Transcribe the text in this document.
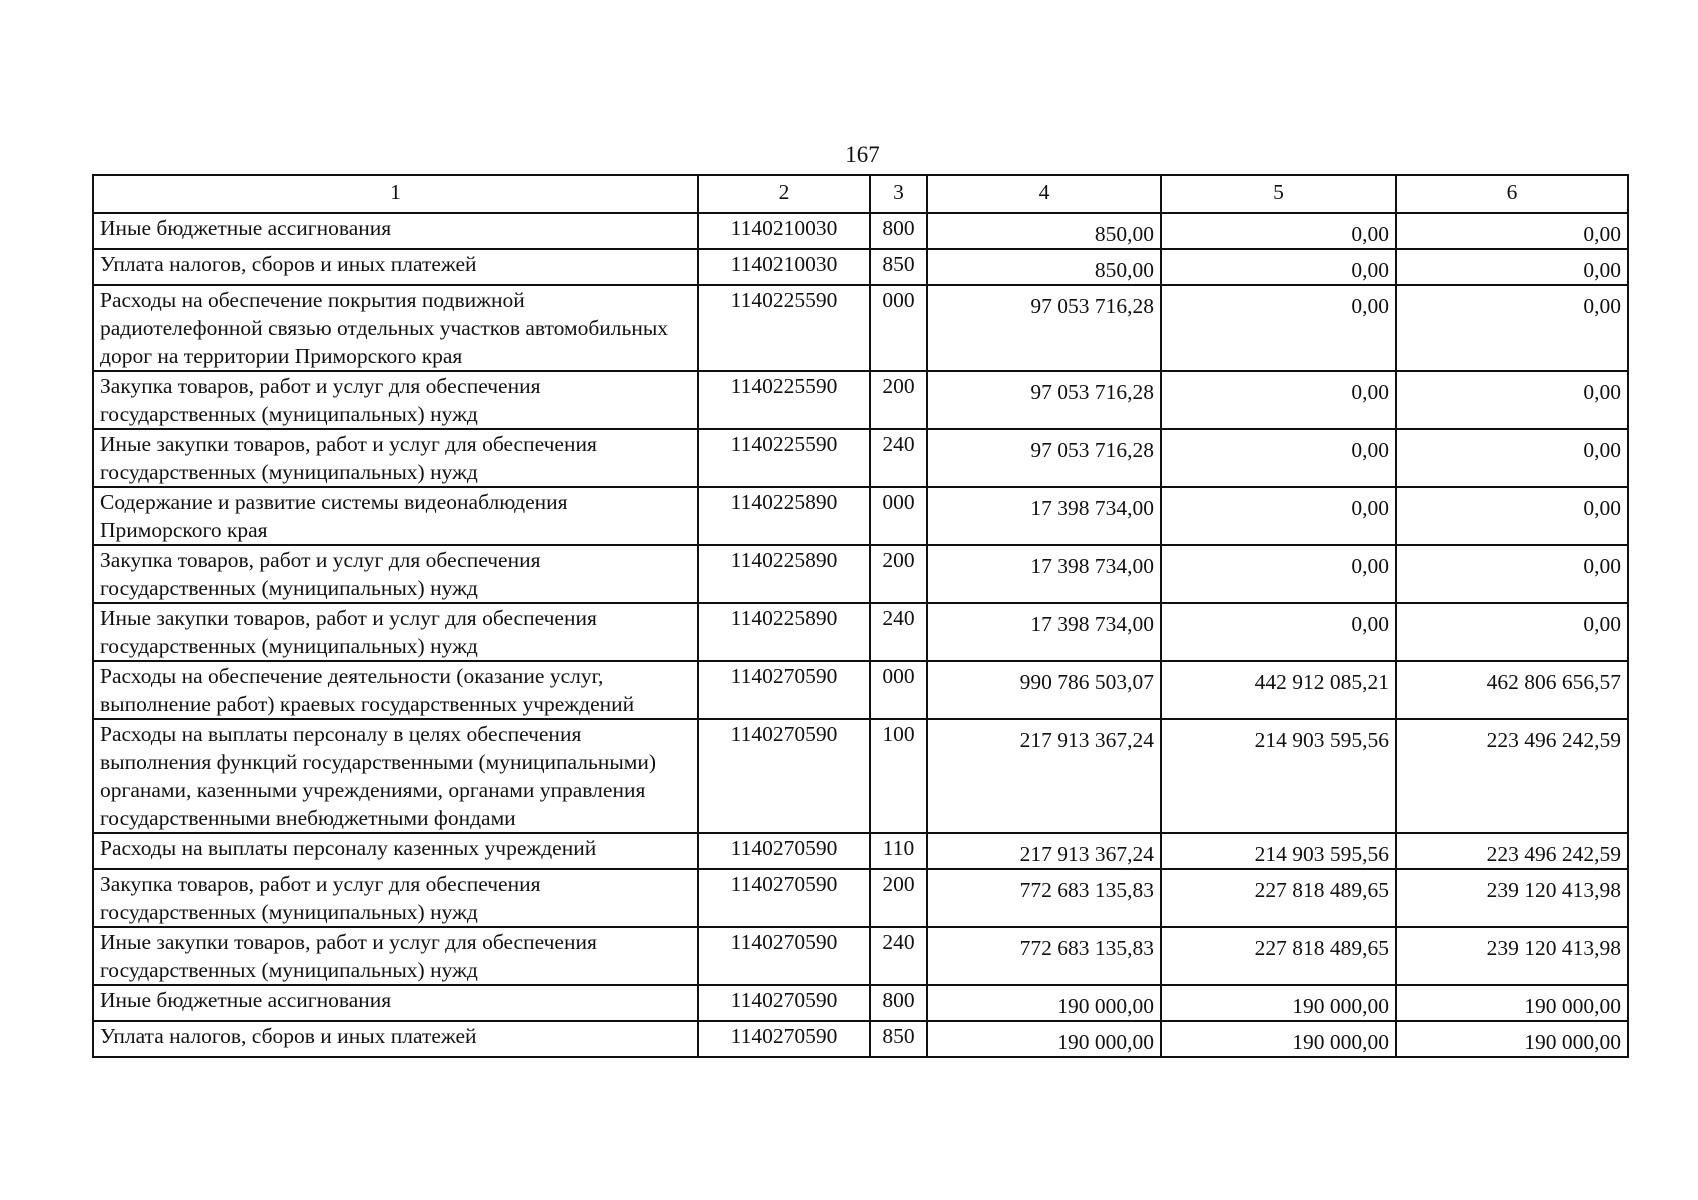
167
1	2	3	4	5	6
Иные бюджетные ассигнования	1140210030	800	850,00	0,00	0,00

Уплата налогов, сборов и иных платежей	1140210030	850	850,00	0,00	0,00

Расходы на обеспечение покрытия подвижной радиотелефонной связью отдельных участков автомобильных дорог на территории Приморского края	1140225590	000	97 053 716,28	0,00	0,00

Закупка товаров, работ и услуг для обеспечения государственных (муниципальных) нужд	1140225590	200	97 053 716,28	0,00	0,00

Иные закупки товаров, работ и услуг для обеспечения государственных (муниципальных) нужд	1140225590	240	97 053 716,28	0,00	0,00

Содержание и развитие системы видеонаблюдения Приморского края	1140225890	000	17 398 734,00	0,00	0,00

Закупка товаров, работ и услуг для обеспечения государственных (муниципальных) нужд	1140225890	200	17 398 734,00	0,00	0,00

Иные закупки товаров, работ и услуг для обеспечения государственных (муниципальных) нужд	1140225890	240	17 398 734,00	0,00	0,00

Расходы на обеспечение деятельности (оказание услуг, выполнение работ) краевых государственных учреждений	1140270590	000	990 786 503,07	442 912 085,21	462 806 656,57

Расходы на выплаты персоналу в целях обеспечения выполнения функций государственными (муниципальными) органами, казенными учреждениями, органами управления государственными внебюджетными фондами	1140270590	100	217 913 367,24	214 903 595,56	223 496 242,59

Расходы на выплаты персоналу казенных учреждений	1140270590	110	217 913 367,24	214 903 595,56	223 496 242,59

Закупка товаров, работ и услуг для обеспечения государственных (муниципальных) нужд	1140270590	200	772 683 135,83	227 818 489,65	239 120 413,98

Иные закупки товаров, работ и услуг для обеспечения государственных (муниципальных) нужд	1140270590	240	772 683 135,83	227 818 489,65	239 120 413,98

Иные бюджетные ассигнования	1140270590	800	190 000,00	190 000,00	190 000,00

Уплата налогов, сборов и иных платежей	1140270590	850	190 000,00	190 000,00	190 000,00
